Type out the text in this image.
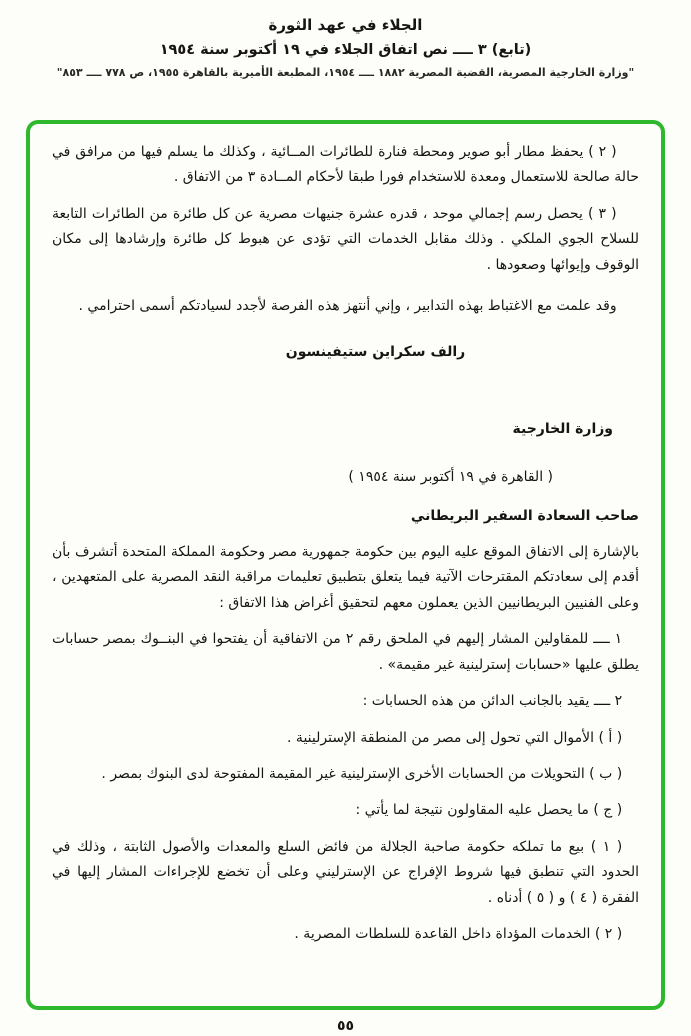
الجلاء في عهد الثورة
(تابع) ٣ ــــ نص اتفاق الجلاء في ١٩ أكتوبر سنة ١٩٥٤
"وزارة الخارجية المصرية، القضية المصرية ١٨٨٢ ــــ ١٩٥٤، المطبعة الأميرية بالقاهرة ١٩٥٥، ص ٧٧٨ ــــ ٨٥٣"

( ٢ ) يحفظ مطار أبو صوير ومحطة فنارة للطائرات المــائية ، وكذلك ما يسلم فيها من مرافق في حالة صالحة للاستعمال ومعدة للاستخدام فورا طبقا لأحكام المــادة ٣ من الاتفاق .

( ٣ ) يحصل رسم إجمالي موحد ، قدره عشرة جنيهات مصرية عن كل طائرة من الطائرات التابعة للسلاح الجوي الملكي . وذلك مقابل الخدمات التي تؤدى عن هبوط كل طائرة وإرشادها إلى مكان الوقوف وإيوائها وصعودها .

وقد علمت مع الاغتباط بهذه التدابير ، وإني أنتهز هذه الفرصة لأجدد لسيادتكم أسمى احترامي .

رالف سكراين ستيفينسون

وزارة الخارجية

( القاهرة في ١٩ أكتوبر سنة ١٩٥٤ )

صاحب السعادة السفير البريطاني

بالإشارة إلى الاتفاق الموقع عليه اليوم بين حكومة جمهورية مصر وحكومة المملكة المتحدة أتشرف بأن أقدم إلى سعادتكم المقترحات الآتية فيما يتعلق بتطبيق تعليمات مراقبة النقد المصرية على المتعهدين ، وعلى الفنيين البريطانيين الذين يعملون معهم لتحقيق أغراض هذا الاتفاق :

١ ــــ للمقاولين المشار إليهم في الملحق رقم ٢ من الاتفاقية أن يفتحوا في البنــوك بمصر حسابات يطلق عليها «حسابات إسترلينية غير مقيمة» .

٢ ــــ يقيد بالجانب الدائن من هذه الحسابات :

( أ ) الأموال التي تحول إلى مصر من المنطقة الإسترلينية .

( ب ) التحويلات من الحسابات الأخرى الإسترلينية غير المقيمة المفتوحة لدى البنوك بمصر .

( ج ) ما يحصل عليه المقاولون نتيجة لما يأتي :

( ١ ) بيع ما تملكه حكومة صاحبة الجلالة من فائض السلع والمعدات والأصول الثابتة ، وذلك في الحدود التي تنطبق فيها شروط الإفراج عن الإسترليني وعلى أن تخضع للإجراءات المشار إليها في الفقرة ( ٤ ) و ( ٥ ) أدناه .

( ٢ ) الخدمات المؤداة داخل القاعدة للسلطات المصرية .

٥٥
